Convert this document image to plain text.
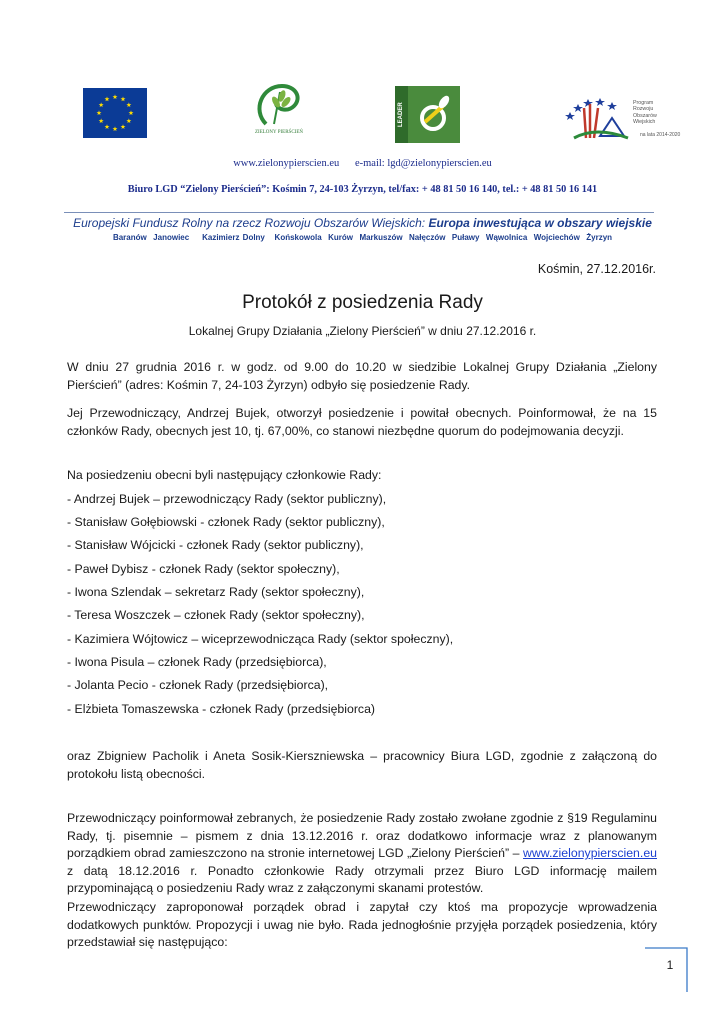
ZIELONY PIERŚCIEŃ
LEADER	Program
Rozwoju
Obszarów
Wiejskich
na lata 2014-2020
www.zielonypierscien.eu      e-mail: lgd@zielonypierscien.eu
Biuro LGD “Zielony Pierścień”: Kośmin 7, 24-103 Żyrzyn, tel/fax: + 48 81 50 16 140, tel.: + 48 81 50 16 141
Europejski Fundusz Rolny na rzecz Rozwoju Obszarów Wiejskich: Europa inwestująca w obszary wiejskie
Baranów  Janowiec    Kazimierz Dolny   Końskowola  Kurów  Markuszów  Nałęczów  Puławy  Wąwolnica  Wojciechów  Żyrzyn
Kośmin, 27.12.2016r.
Protokół z posiedzenia Rady
Lokalnej Grupy Działania „Zielony Pierścień” w dniu 27.12.2016 r.
W dniu 27 grudnia 2016 r. w godz. od 9.00 do 10.20 w siedzibie Lokalnej Grupy Działania „Zielony Pierścień” (adres: Kośmin 7, 24-103 Żyrzyn) odbyło się posiedzenie Rady.
Jej Przewodniczący, Andrzej Bujek, otworzył posiedzenie i powitał obecnych. Poinformował, że na 15 członków Rady, obecnych jest 10, tj. 67,00%, co stanowi niezbędne quorum do podejmowania decyzji.
Na posiedzeniu obecni byli następujący członkowie Rady:
- Andrzej Bujek – przewodniczący Rady (sektor publiczny),
- Stanisław Gołębiowski - członek Rady (sektor publiczny),
- Stanisław Wójcicki - członek Rady (sektor publiczny),
- Paweł Dybisz - członek Rady (sektor społeczny),
- Iwona Szlendak – sekretarz Rady (sektor społeczny),
- Teresa Woszczek – członek Rady (sektor społeczny),
- Kazimiera Wójtowicz – wiceprzewodnicząca Rady (sektor społeczny),
- Iwona Pisula – członek Rady (przedsiębiorca),
- Jolanta Pecio - członek Rady (przedsiębiorca),
- Elżbieta Tomaszewska - członek Rady (przedsiębiorca)
oraz Zbigniew Pacholik i Aneta Sosik-Kierszniewska – pracownicy Biura LGD, zgodnie z załączoną do protokołu listą obecności.
Przewodniczący poinformował zebranych, że posiedzenie Rady zostało zwołane zgodnie z §19 Regulaminu Rady, tj. pisemnie – pismem z dnia 13.12.2016 r. oraz dodatkowo informacje wraz z planowanym porządkiem obrad zamieszczono na stronie internetowej LGD „Zielony Pierścień” – www.zielonypierscien.eu z datą 18.12.2016 r. Ponadto członkowie Rady otrzymali przez Biuro LGD informację mailem przypominającą o posiedzeniu Rady wraz z załączonymi skanami protestów.
Przewodniczący zaproponował porządek obrad i zapytał czy ktoś ma propozycje wprowadzenia dodatkowych punktów. Propozycji i uwag nie było. Rada jednogłośnie przyjęła porządek posiedzenia, który przedstawiał się następująco:
1
